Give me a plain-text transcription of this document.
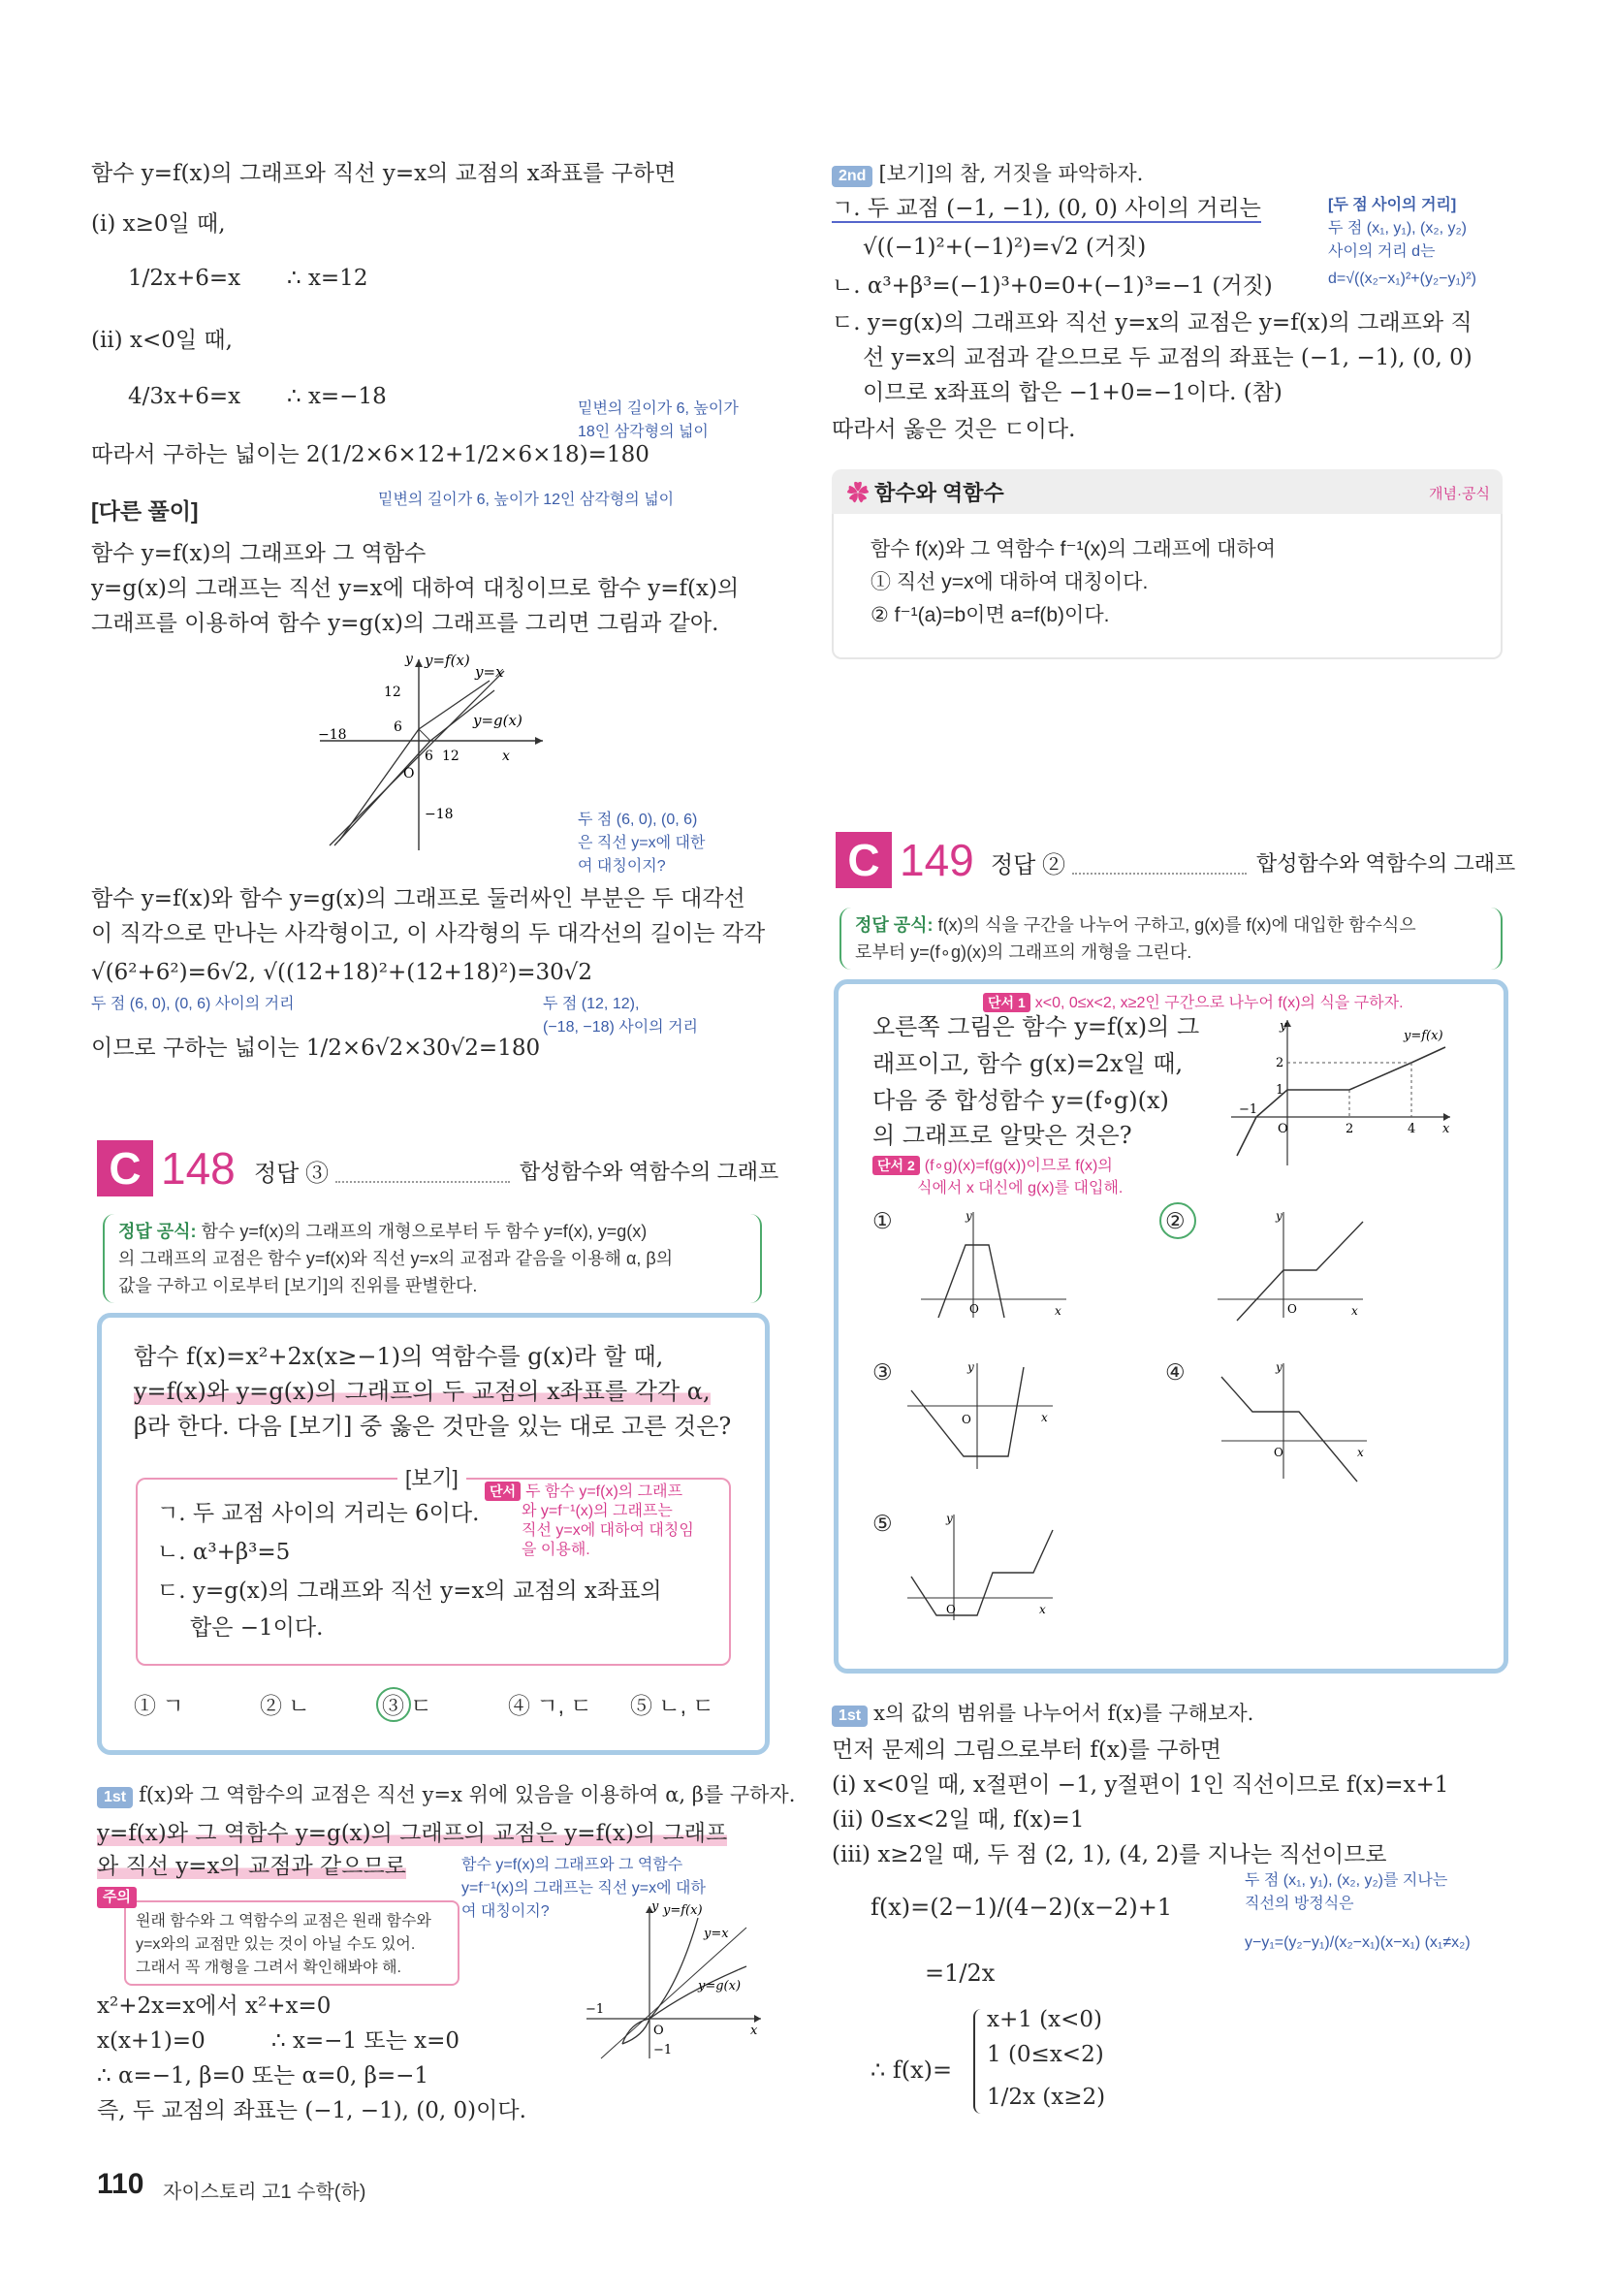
함수 y=f(x)의 그래프와 직선 y=x의 교점의 x좌표를 구하면
(i) x≥0일 때,
1/2x+6=x ∴ x=12
(ii) x<0일 때,
4/3x+6=x ∴ x=−18	밑변의 길이가 6, 높이가
18인 삼각형의 넓이
따라서 구하는 넓이는 2(1/2×6×12+1/2×6×18)=180
밑변의 길이가 6, 높이가 12인 삼각형의 넓이
[다른 풀이]
함수 y=f(x)의 그래프와 그 역함수
y=g(x)의 그래프는 직선 y=x에 대하여 대칭이므로 함수 y=f(x)의
그래프를 이용하여 함수 y=g(x)의 그래프를 그리면 그림과 같아.
y y=f(x)
y=x
y=g(x)
12
6
−18
6 12	x
O
−18	두 점 (6, 0), (0, 6)
은 직선 y=x에 대한
여 대칭이지?
함수 y=f(x)와 함수 y=g(x)의 그래프로 둘러싸인 부분은 두 대각선
이 직각으로 만나는 사각형이고, 이 사각형의 두 대각선의 길이는 각각
√(6²+6²)=6√2, √((12+18)²+(12+18)²)=30√2
두 점 (6, 0), (0, 6) 사이의 거리	두 점 (12, 12),
(−18, −18) 사이의 거리
이므로 구하는 넓이는 1/2×6√2×30√2=180
C 148 정답 ③	합성함수와 역함수의 그래프
정답 공식: 함수 y=f(x)의 그래프의 개형으로부터 두 함수 y=f(x), y=g(x)
의 그래프의 교점은 함수 y=f(x)와 직선 y=x의 교점과 같음을 이용해 α, β의
값을 구하고 이로부터 [보기]의 진위를 판별한다.
함수 f(x)=x²+2x(x≥−1)의 역함수를 g(x)라 할 때,
y=f(x)와 y=g(x)의 그래프의 두 교점의 x좌표를 각각 α,
β라 한다. 다음 [보기] 중 옳은 것만을 있는 대로 고른 것은?
[보기]
ㄱ. 두 교점 사이의 거리는 6이다.
ㄴ. α³+β³=5
ㄷ. y=g(x)의 그래프와 직선 y=x의 교점의 x좌표의
합은 −1이다.
단서 두 함수 y=f(x)의 그래프
와 y=f⁻¹(x)의 그래프는
직선 y=x에 대하여 대칭임
을 이용해.
① ㄱ	② ㄴ	③ ㄷ	④ ㄱ, ㄷ ⑤ ㄴ, ㄷ
1st f(x)와 그 역함수의 교점은 직선 y=x 위에 있음을 이용하여 α, β를 구하자.
y=f(x)와 그 역함수 y=g(x)의 그래프의 교점은 y=f(x)의 그래프
와 직선 y=x의 교점과 같으므로	함수 y=f(x)의 그래프와 그 역함수
y=f⁻¹(x)의 그래프는 직선 y=x에 대하
여 대칭이지?
주의
원래 함수와 그 역함수의 교점은 원래 함수와
y=x와의 교점만 있는 것이 아닐 수도 있어.
그래서 꼭 개형을 그려서 확인해봐야 해.
x²+2x=x에서 x²+x=0
x(x+1)=0	∴ x=−1 또는 x=0
∴ α=−1, β=0 또는 α=0, β=−1
즉, 두 교점의 좌표는 (−1, −1), (0, 0)이다.
y y=f(x)
y=x
y=g(x)
−1
O
−1
x
110 자이스토리 고1 수학(하)
2nd [보기]의 참, 거짓을 파악하자.
ㄱ. 두 교점 (−1, −1), (0, 0) 사이의 거리는
√((−1)²+(−1)²)=√2 (거짓)
[두 점 사이의 거리]
두 점 (x₁, y₁), (x₂, y₂)
사이의 거리 d는
d=√((x₂−x₁)²+(y₂−y₁)²)
ㄴ. α³+β³=(−1)³+0=0+(−1)³=−1 (거짓)
ㄷ. y=g(x)의 그래프와 직선 y=x의 교점은 y=f(x)의 그래프와 직
선 y=x의 교점과 같으므로 두 교점의 좌표는 (−1, −1), (0, 0)
이므로 x좌표의 합은 −1+0=−1이다. (참)
따라서 옳은 것은 ㄷ이다.
✿ 함수와 역함수	개념·공식
함수 f(x)와 그 역함수 f⁻¹(x)의 그래프에 대하여
① 직선 y=x에 대하여 대칭이다.
② f⁻¹(a)=b이면 a=f(b)이다.
C 149 정답 ②	합성함수와 역함수의 그래프
정답 공식: f(x)의 식을 구간을 나누어 구하고, g(x)를 f(x)에 대입한 함수식으
로부터 y=(f∘g)(x)의 그래프의 개형을 그린다.
단서 1 x<0, 0≤x<2, x≥2인 구간으로 나누어 f(x)의 식을 구하자.
오른쪽 그림은 함수 y=f(x)의 그
래프이고, 함수 g(x)=2x일 때,
다음 중 합성함수 y=(f∘g)(x)
의 그래프로 알맞은 것은?
단서 2 (f∘g)(x)=f(g(x))이므로 f(x)의
식에서 x 대신에 g(x)를 대입해.
y
y=f(x)
2
1
−1
O	2	4 x
①	y
O	x
②	y
O	x
③	y
O	x
④	y
O	x
⑤	y
O	x
1st x의 값의 범위를 나누어서 f(x)를 구해보자.
먼저 문제의 그림으로부터 f(x)를 구하면
(i) x<0일 때, x절편이 −1, y절편이 1인 직선이므로 f(x)=x+1
(ii) 0≤x<2일 때, f(x)=1
(iii) x≥2일 때, 두 점 (2, 1), (4, 2)를 지나는 직선이므로
두 점 (x₁, y₁), (x₂, y₂)를 지나는
직선의 방정식은
y−y₁=(y₂−y₁)/(x₂−x₁)(x−x₁) (x₁≠x₂)
f(x)=(2−1)/(4−2)(x−2)+1
=1/2x
∴ f(x)=
x+1 (x<0)
1 (0≤x<2)
1/2x (x≥2)
